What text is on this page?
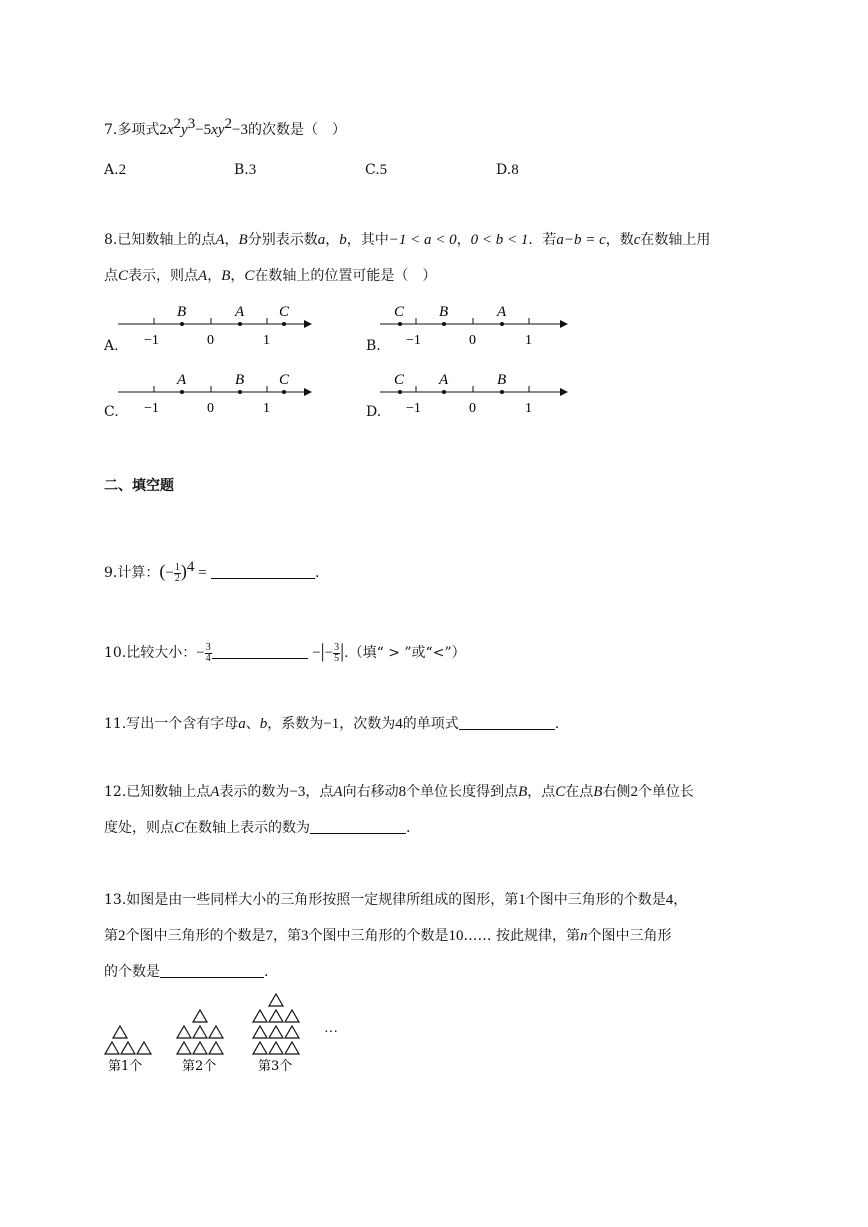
7.多项式$2x^2y^3-5xy^2-3$的次数是（　）
A.2	B.3	C.5	D.8
8.已知数轴上的点A，B分别表示数a，b，其中−1 < a < 0，0 < b < 1．若a−b = c，数c在数轴上用
点C表示，则点A，B，C在数轴上的位置可能是（　）
A. −1	0	1
B	A C
B. −1	0	1
C B	A
C. −1	0	1
A	B C
D. −1	0	1
C A	B
二、填空题
9.计算：(− $\frac{1}{2} )^4$ =	.
10.比较大小：− $\frac{3}{4}$	−|− $\frac{3}{5}$ |.（填“ > ”或“<”）
11.写出一个含有字母a、b，系数为−1，次数为4的单项式	.
12.已知数轴上点A表示的数为−3，点A向右移动8个单位长度得到点B，点C在点B右侧2个单位长
度处，则点C在数轴上表示的数为	.
13.如图是由一些同样大小的三角形按照一定规律所组成的图形，第1个图中三角形的个数是4，
第2个图中三角形的个数是7，第3个图中三角形的个数是10…… 按此规律，第n个图中三角形
的个数是	.
···
第1个	第2个	第3个
